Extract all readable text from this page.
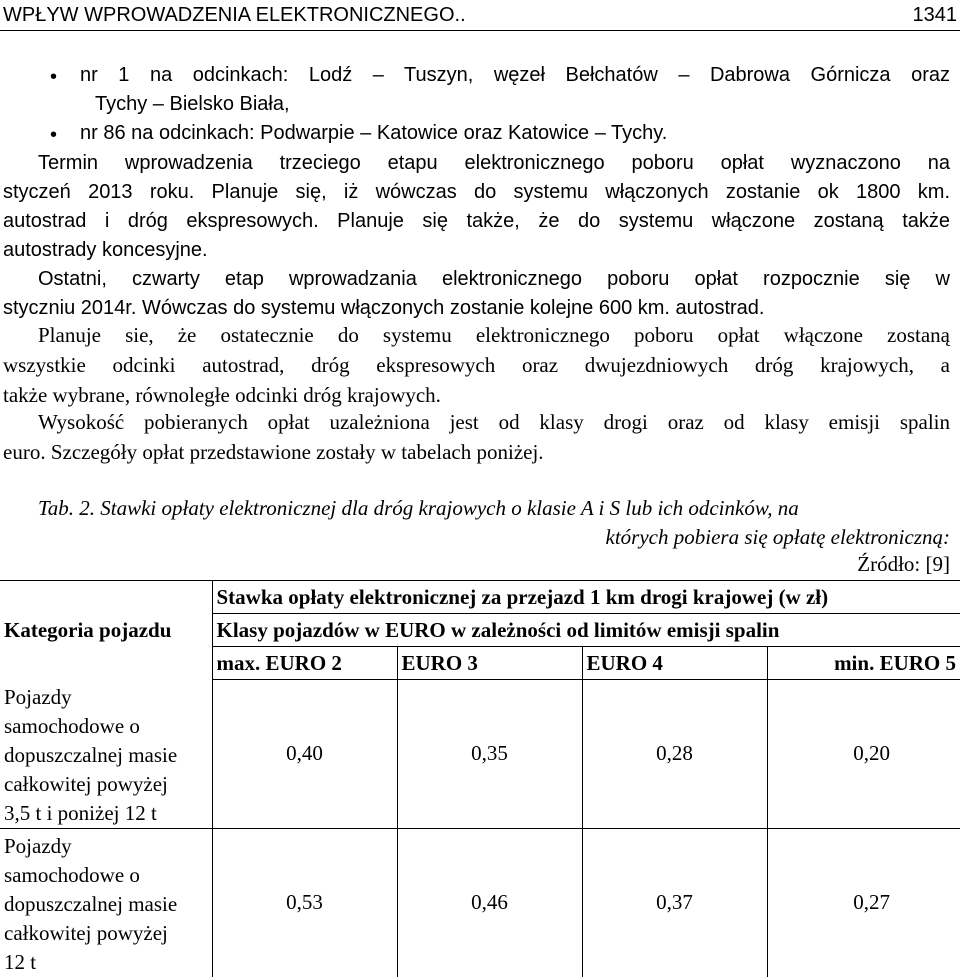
WPŁYW WPROWADZENIA ELEKTRONICZNEGO..	1341
• nr 1 na odcinkach: Lodź – Tuszyn, węzeł Bełchatów – Dabrowa Górnicza oraz
Tychy – Bielsko Biała,
• nr 86 na odcinkach: Podwarpie – Katowice oraz Katowice – Tychy.
Termin wprowadzenia trzeciego etapu elektronicznego poboru opłat wyznaczono na
styczeń 2013 roku. Planuje się, iż wówczas do systemu włączonych zostanie ok 1800 km.
autostrad i dróg ekspresowych. Planuje się także, że do systemu włączone zostaną także
autostrady koncesyjne.
Ostatni, czwarty etap wprowadzania elektronicznego poboru opłat rozpocznie się w
styczniu 2014r. Wówczas do systemu włączonych zostanie kolejne 600 km. autostrad.
Planuje sie, że ostatecznie do systemu elektronicznego poboru opłat włączone zostaną
wszystkie odcinki autostrad, dróg ekspresowych oraz dwujezdniowych dróg krajowych, a
także wybrane, równoległe odcinki dróg krajowych.
Wysokość pobieranych opłat uzależniona jest od klasy drogi oraz od klasy emisji spalin
euro. Szczegóły opłat przedstawione zostały w tabelach poniżej.
Tab. 2. Stawki opłaty elektronicznej dla dróg krajowych o klasie A i S lub ich odcinków, na
których pobiera się opłatę elektroniczną:
Źródło: [9]
Kategoria pojazdu	Stawka opłaty elektronicznej za przejazd 1 km drogi krajowej (w zł)			
	Klasy pojazdów w EURO w zależności od limitów emisji spalin			
	max. EURO 2	EURO 3	EURO 4	min. EURO 5
Pojazdy
samochodowe o
dopuszczalnej masie
całkowitej powyżej
3,5 t i poniżej 12 t	0,40	0,35	0,28	0,20
Pojazdy
samochodowe o
dopuszczalnej masie
całkowitej powyżej
12 t	0,53	0,46	0,37	0,27
